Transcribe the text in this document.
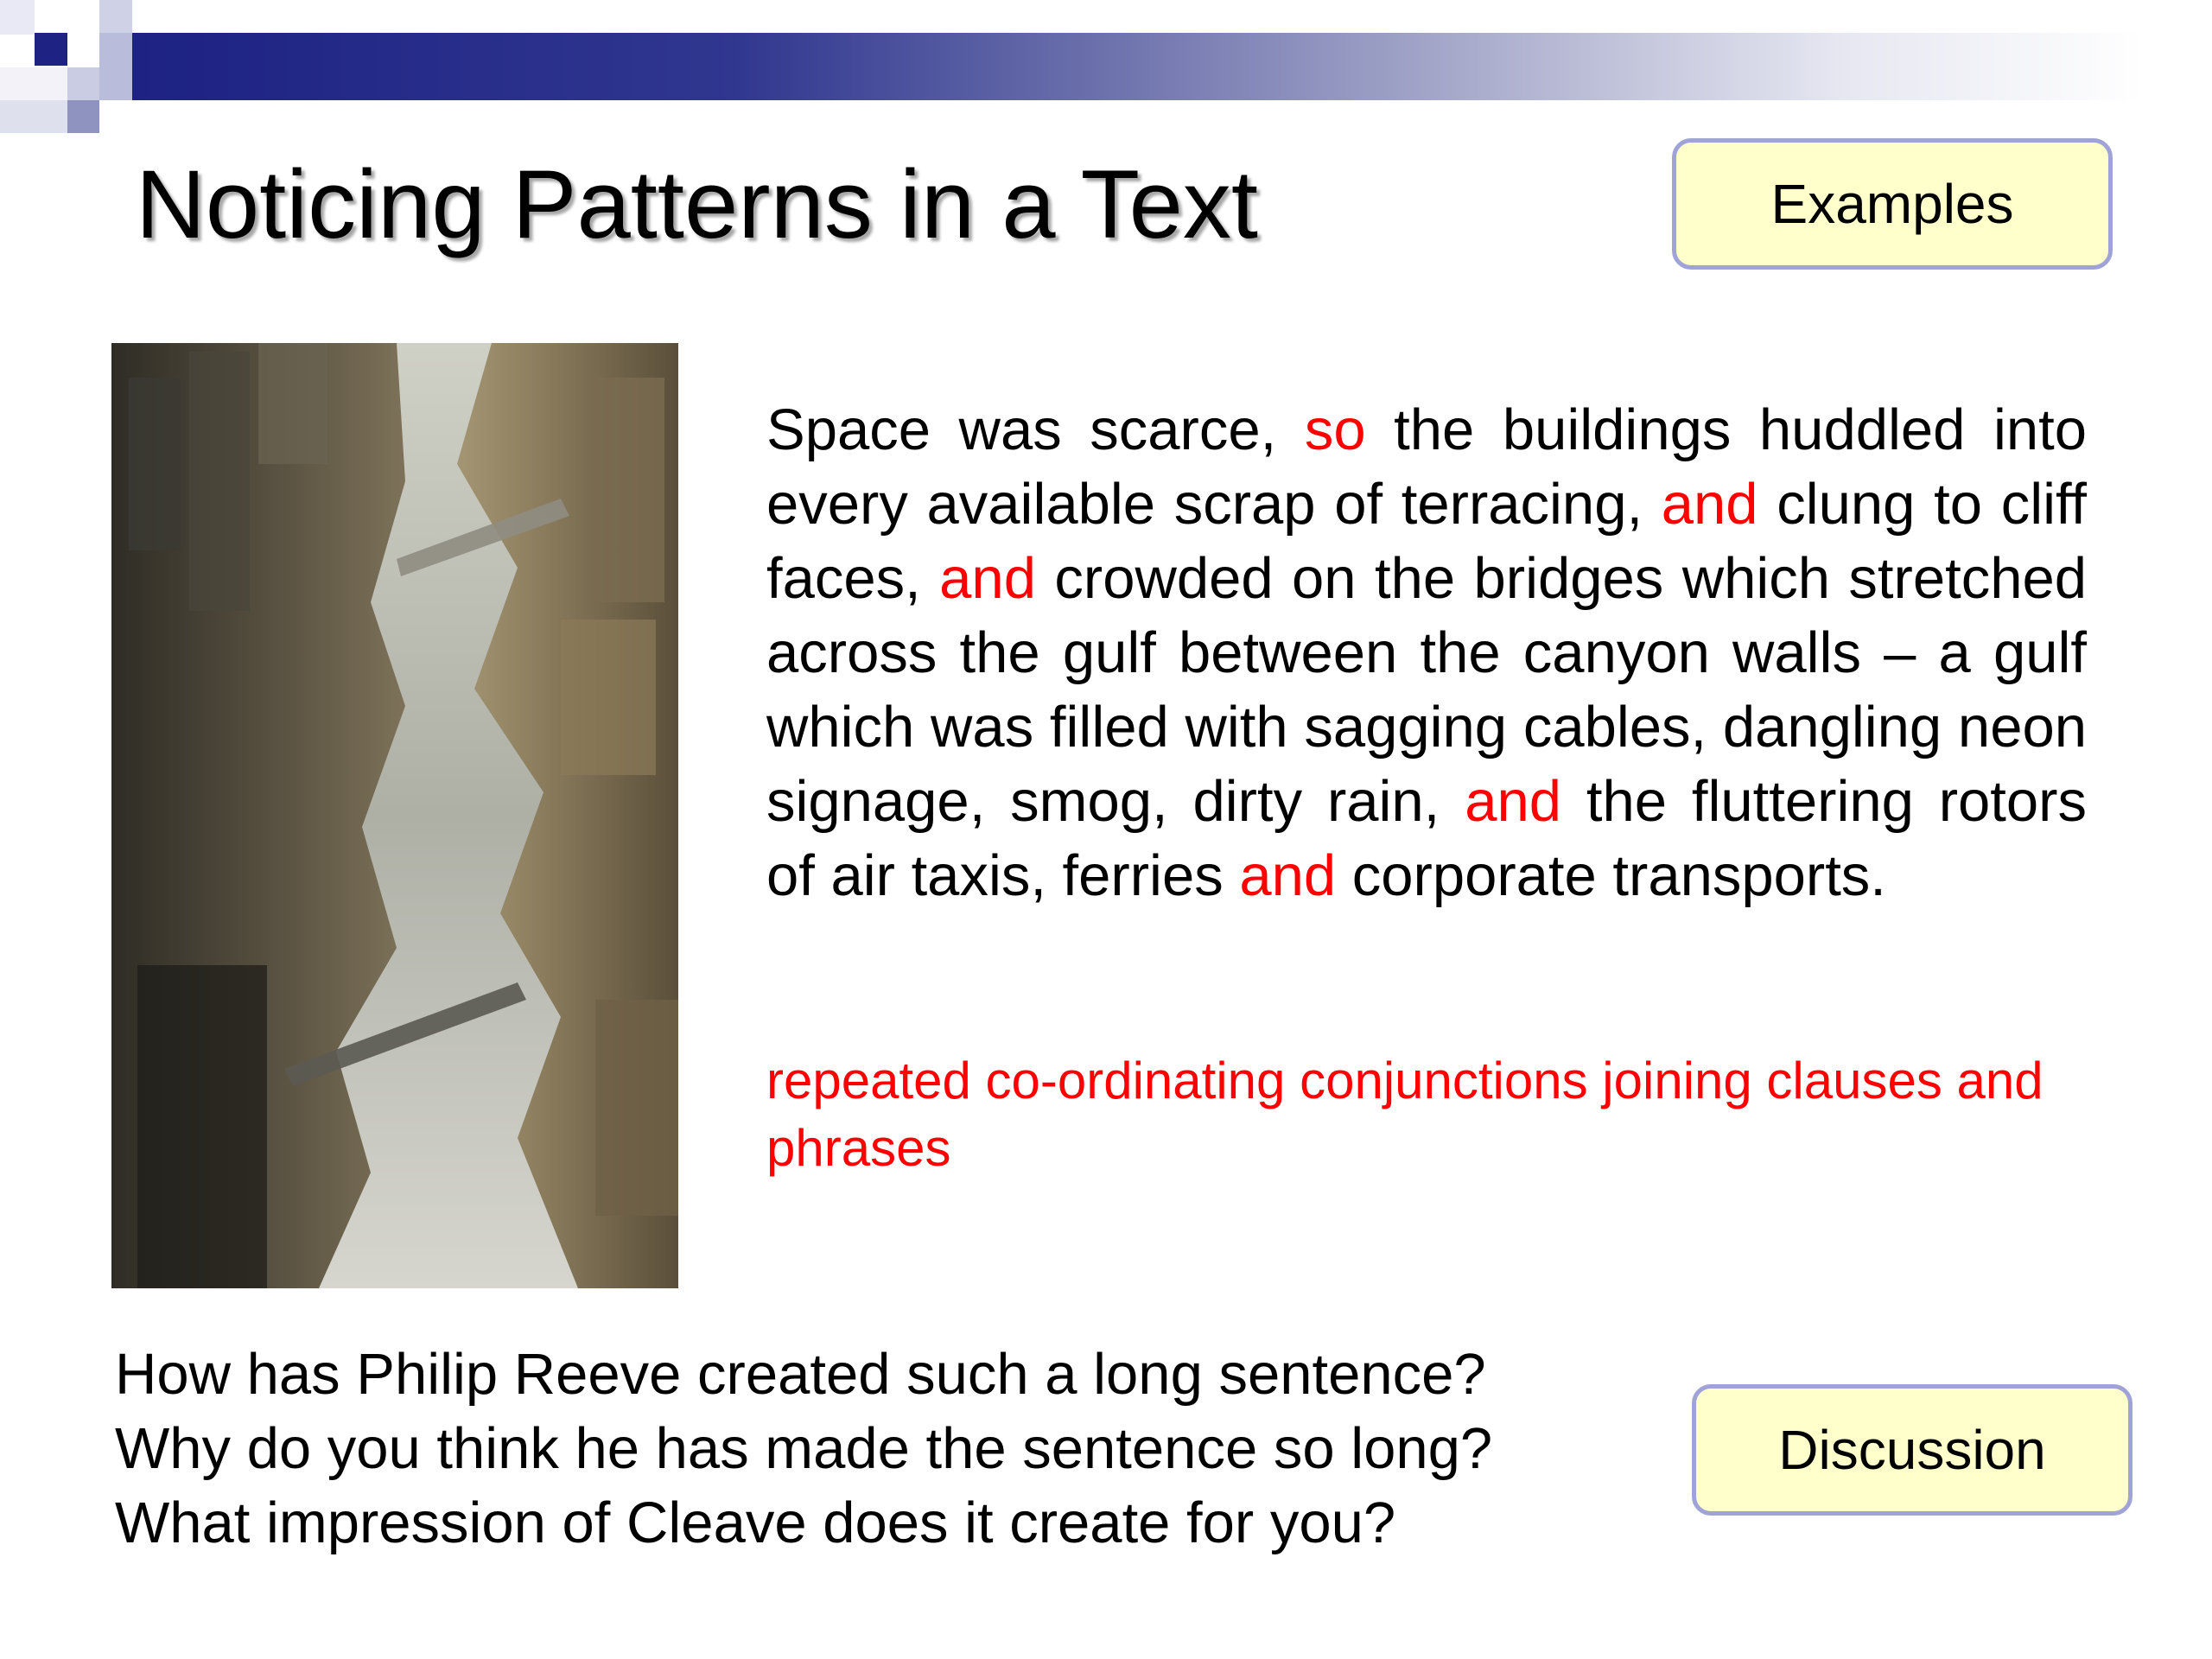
Noticing Patterns in a Text	Examples

Space was scarce, so the buildings huddled into every available scrap of terracing, and clung to cliff faces, and crowded on the bridges which stretched across the gulf between the canyon walls – a gulf which was filled with sagging cables, dangling neon signage, smog, dirty rain, and the fluttering rotors of air taxis, ferries and corporate transports.

repeated co-ordinating conjunctions joining clauses and phrases

How has Philip Reeve created such a long sentence?
Why do you think he has made the sentence so long?
What impression of Cleave does it create for you?
Discussion
